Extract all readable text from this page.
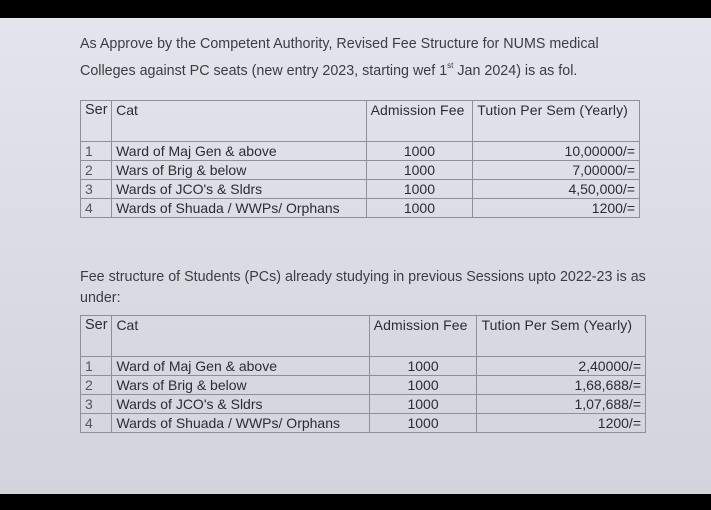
As Approve by the Competent Authority, Revised Fee Structure for NUMS medical Colleges against PC seats (new entry 2023, starting wef 1st Jan 2024) is as fol.

Ser	Cat	Admission Fee	Tution Per Sem (Yearly)
1	Ward of Maj Gen & above	1000	10,00000/=
2	Wars of Brig & below	1000	7,00000/=
3	Wards of JCO's & Sldrs	1000	4,50,000/=
4	Wards of Shuada / WWPs/ Orphans	1000	1200/=

Fee structure of Students (PCs) already studying in previous Sessions upto 2022-23 is as under:

Ser	Cat	Admission Fee	Tution Per Sem (Yearly)
1	Ward of Maj Gen & above	1000	2,40000/=
2	Wars of Brig & below	1000	1,68,688/=
3	Wards of JCO's & Sldrs	1000	1,07,688/=
4	Wards of Shuada / WWPs/ Orphans	1000	1200/=
